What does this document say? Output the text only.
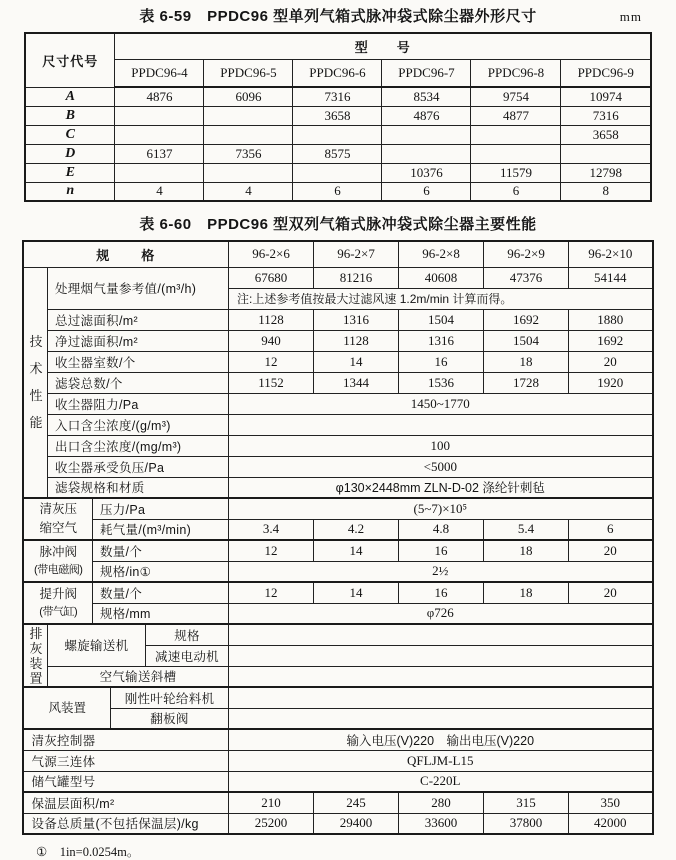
表 6-59　PPDC96 型单列气箱式脉冲袋式除尘器外形尺寸	mm
尺寸代号	型　　号					
	PPDC96-4	PPDC96-5	PPDC96-6	PPDC96-7	PPDC96-8	PPDC96-9
A	4876	6096	7316	8534	9754	10974
B			3658	4876	4877	7316
C						3658
D	6137	7356	8575			
E				10376	11579	12798
n	4	4	6	6	6	8
表 6-60　PPDC96 型双列气箱式脉冲袋式除尘器主要性能
规　　格					96-2×6	96-2×7	96-2×8	96-2×9	96-2×10
技术性能	处理烟气量参考值/(m³/h)				67680	81216	40608	47376	54144
					注:上述参考值按最大过滤风速 1.2m/min 计算而得。				
	总过滤面积/m²				1128	1316	1504	1692	1880
	净过滤面积/m²				940	1128	1316	1504	1692
	收尘器室数/个				12	14	16	18	20
	滤袋总数/个				1152	1344	1536	1728	1920
	收尘器阻力/Pa				1450~1770				
	入口含尘浓度/(g/m³)								
	出口含尘浓度/(mg/m³)				100				
	收尘器承受负压/Pa				<5000				
	滤袋规格和材质				φ130×2448mm ZLN-D-02 涤纶针刺毡				

清灰压
缩空气		压力/Pa			(5~7)×10⁵				
		耗气量/(m³/min)			3.4	4.2	4.8	5.4	6

脉冲阀
(带电磁阀)		数量/个			12	14	16	18	20
		规格/in①			2½				

提升阀
(带气缸)		数量/个			12	14	16	18	20
		规格/mm			φ726				
排灰装置	螺旋输送机			规格					
				减速电动机					
	空气输送斜槽								
风装置			刚性叶轮给料机						
			翻板阀						
清灰控制器					输入电压(V)220　输出电压(V)220				
气源三连体					QFLJM-L15				
储气罐型号					C-220L				
保温层面积/m²					210	245	280	315	350
设备总质量(不包括保温层)/kg					25200	29400	33600	37800	42000
①　1in=0.0254m。
